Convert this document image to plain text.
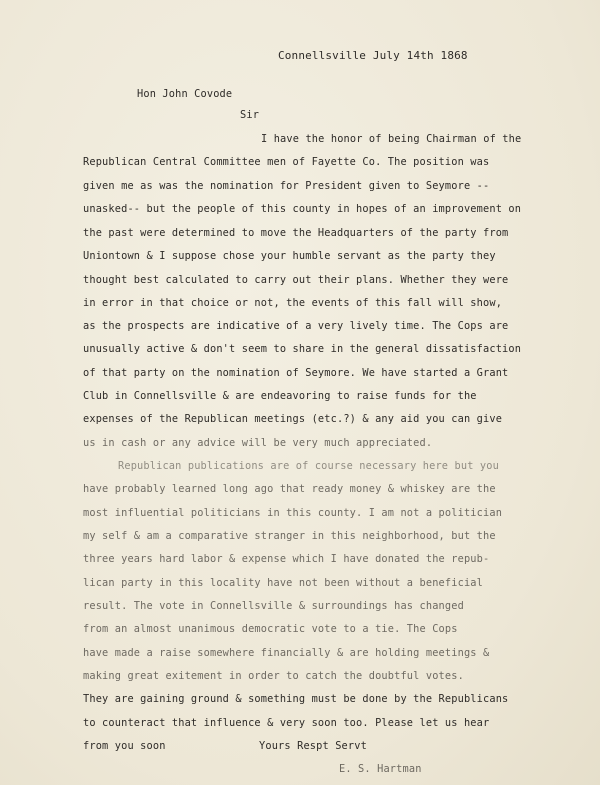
Connellsville July 14th 1868
Hon John Covode
Sir
I have the honor of being Chairman of the
Republican Central Committee men of Fayette Co. The position was
given me as was the nomination for President given to Seymore --
unasked-- but the people of this county in hopes of an improvement on
the past were determined to move the Headquarters of the party from
Uniontown & I suppose chose your humble servant as the party they
thought best calculated to carry out their plans. Whether they were
in error in that choice or not, the events of this fall will show,
as the prospects are indicative of a very lively time. The Cops are
unusually active & don't seem to share in the general dissatisfaction
of that party on the nomination of Seymore. We have started a Grant
Club in Connellsville & are endeavoring to raise funds for the
expenses of the Republican meetings (etc.?) & any aid you can give
us in cash or any advice will be very much appreciated.
Republican publications are of course necessary here but you
have probably learned long ago that ready money & whiskey are the
most influential politicians in this county. I am not a politician
my self & am a comparative stranger in this neighborhood, but the
three years hard labor & expense which I have donated the repub-
lican party in this locality have not been without a beneficial
result. The vote in Connellsville & surroundings has changed
from an almost unanimous democratic vote to a tie. The Cops
have made a raise somewhere financially & are holding meetings &
making great exitement in order to catch the doubtful votes.
They are gaining ground & something must be done by the Republicans
to counteract that influence & very soon too. Please let us hear
from you soon	Yours Respt Servt
E. S. Hartman
